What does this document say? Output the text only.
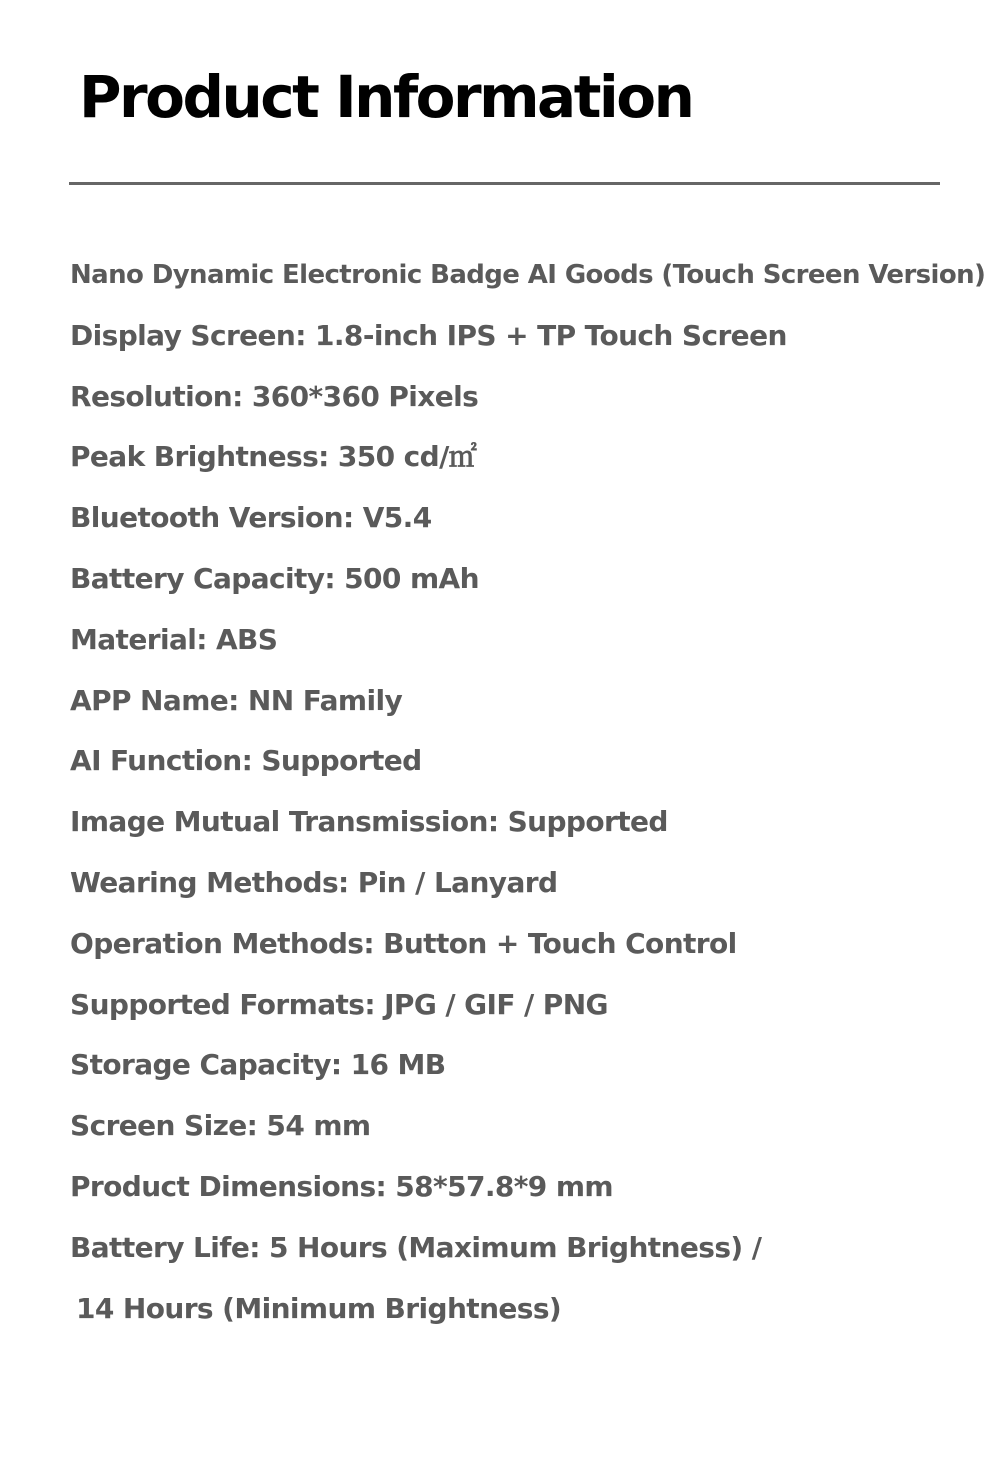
Product Information
Nano Dynamic Electronic Badge AI Goods (Touch Screen Version)
Display Screen: 1.8-inch IPS + TP Touch Screen
Resolution: 360*360 Pixels
Peak Brightness: 350 cd/㎡
Bluetooth Version: V5.4
Battery Capacity: 500 mAh
Material: ABS
APP Name: NN Family
AI Function: Supported
Image Mutual Transmission: Supported
Wearing Methods: Pin / Lanyard
Operation Methods: Button + Touch Control
Supported Formats: JPG / GIF / PNG
Storage Capacity: 16 MB
Screen Size: 54 mm
Product Dimensions: 58*57.8*9 mm
Battery Life: 5 Hours (Maximum Brightness) /
14 Hours (Minimum Brightness)
